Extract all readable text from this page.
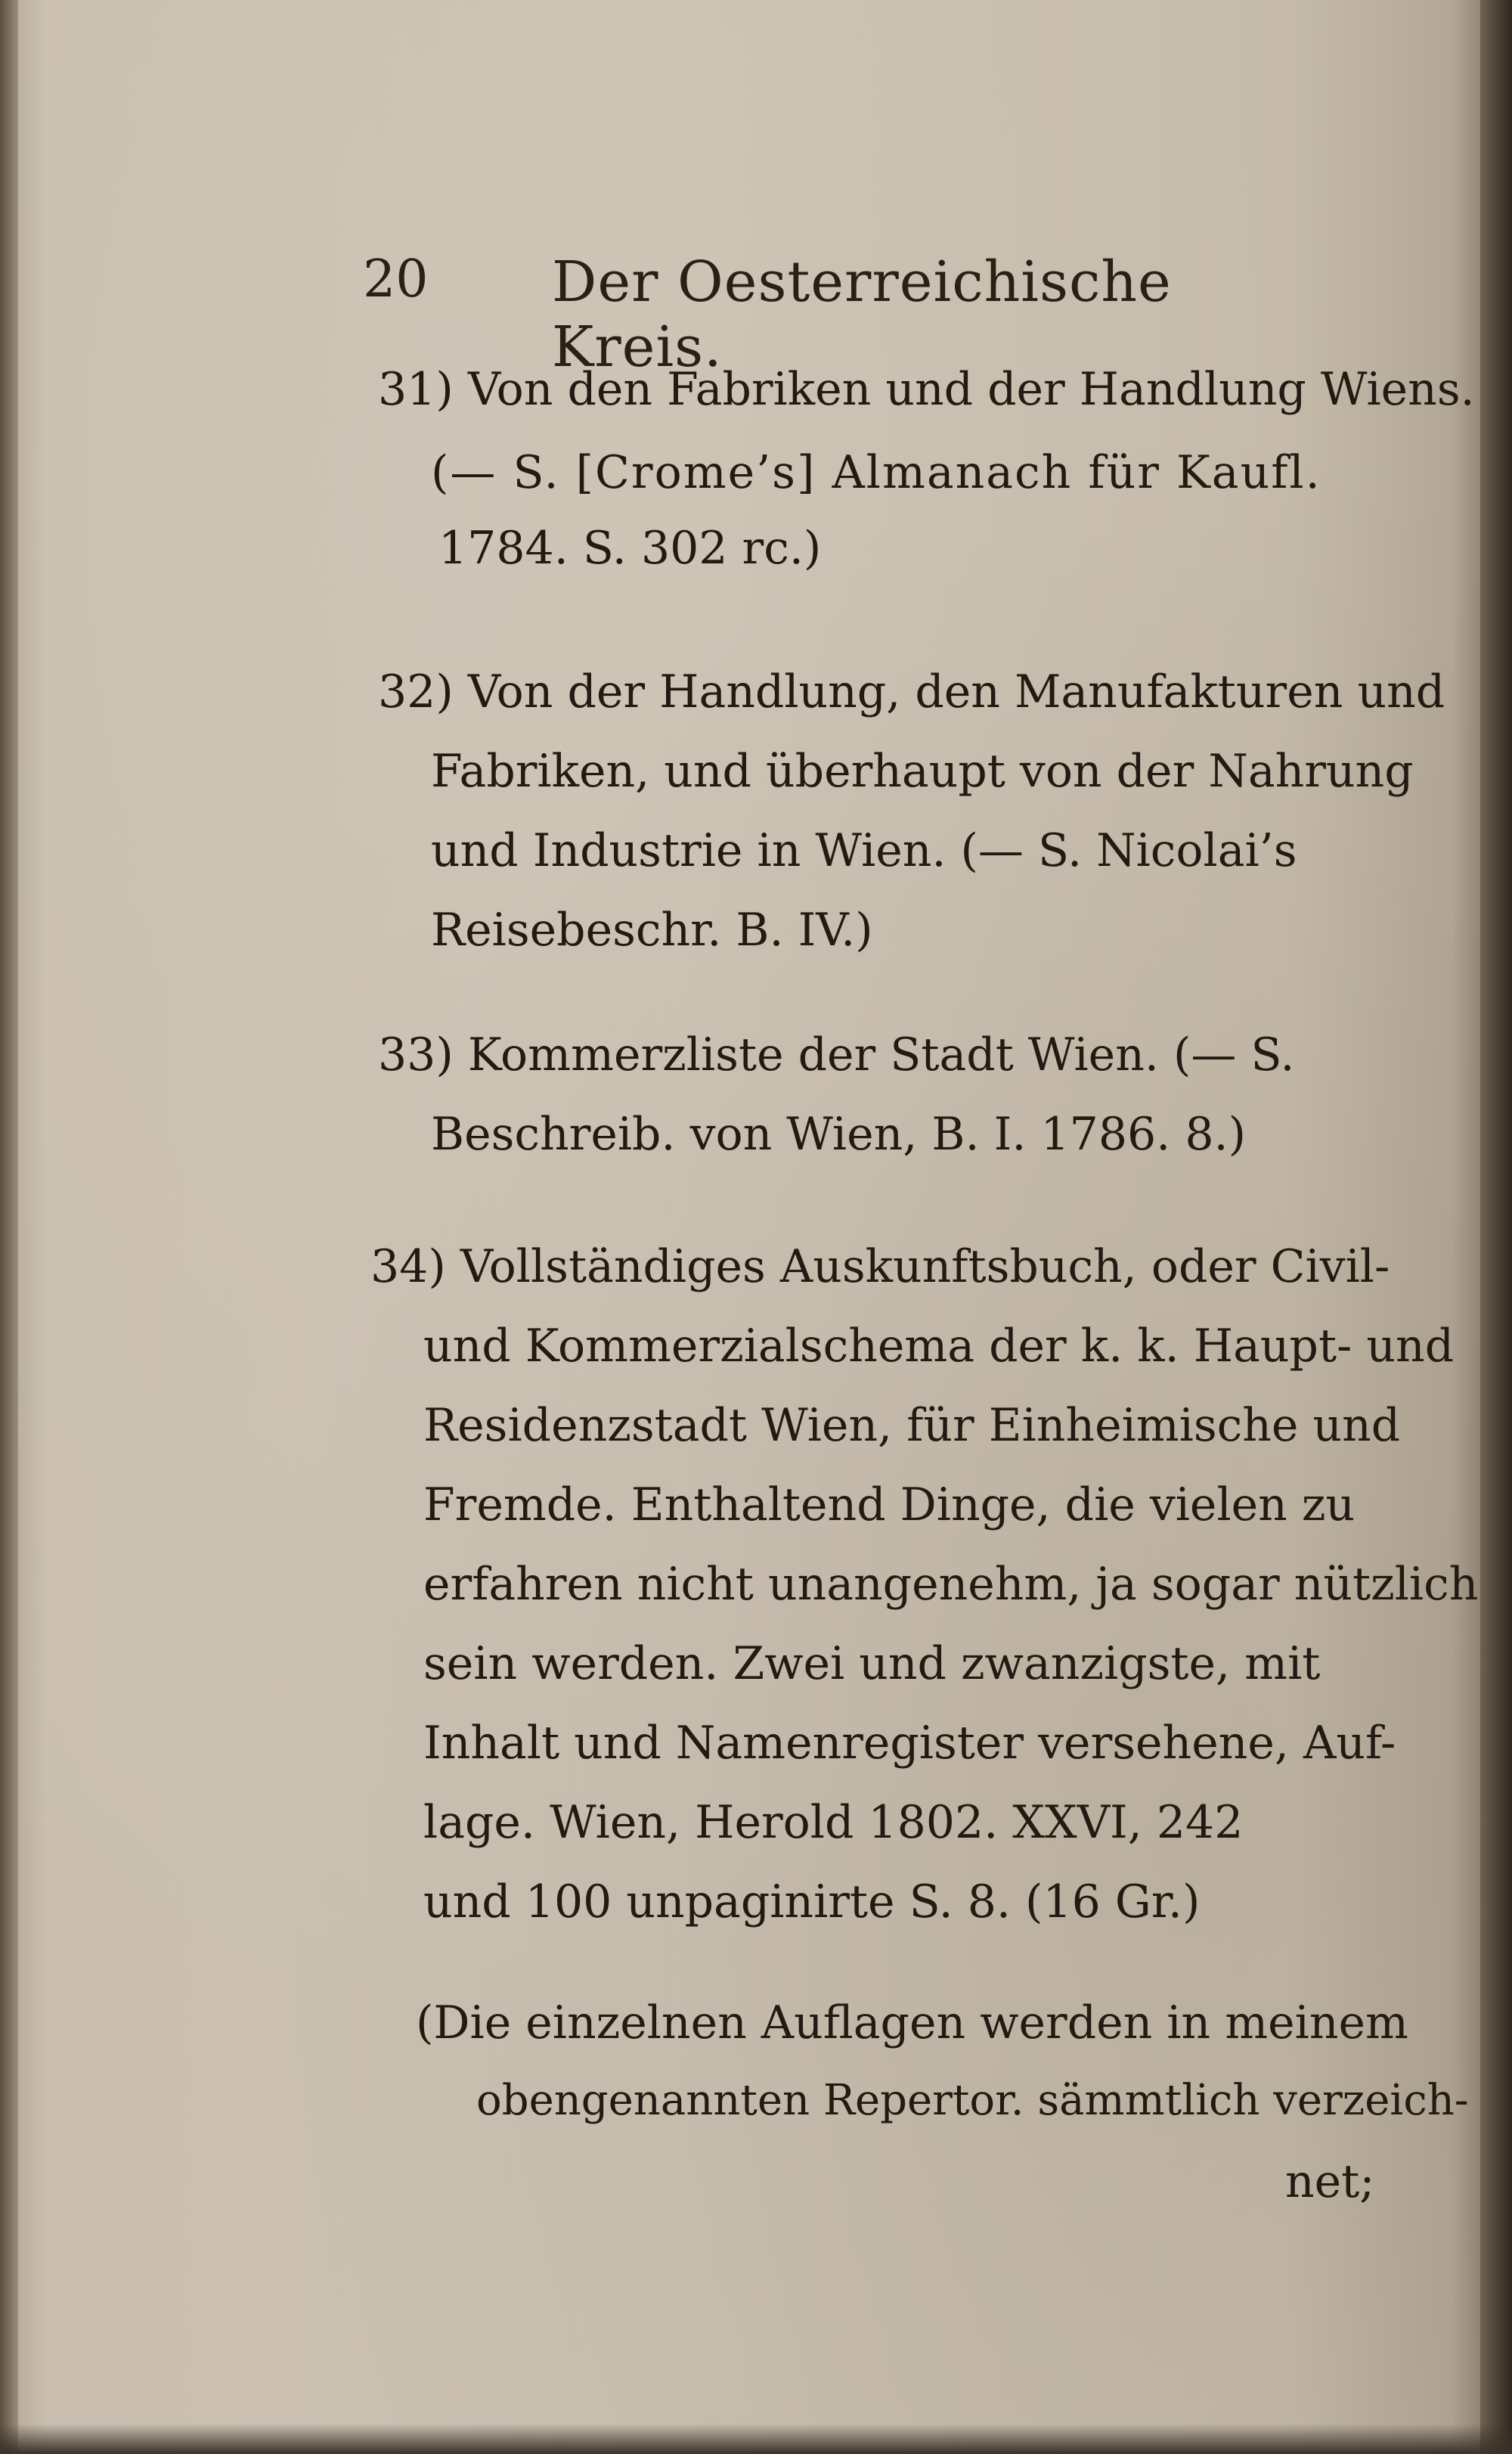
20 Der Oesterreichische Kreis.
31) Von den Fabriken und der Handlung Wiens.
(— S. [Crome’s] Almanach für Kaufl.
1784. S. 302 rc.)
32) Von der Handlung, den Manufakturen und
Fabriken, und überhaupt von der Nahrung
und Industrie in Wien. (— S. Nicolai’s
Reisebeschr. B. IV.)
33) Kommerzliste der Stadt Wien. (— S.
Beschreib. von Wien, B. I. 1786. 8.)
34) Vollständiges Auskunftsbuch, oder Civil-
und Kommerzialschema der k. k. Haupt- und
Residenzstadt Wien, für Einheimische und
Fremde. Enthaltend Dinge, die vielen zu
erfahren nicht unangenehm, ja sogar nützlich
sein werden. Zwei und zwanzigste, mit
Inhalt und Namenregister versehene, Auf-
lage. Wien, Herold 1802. XXVI, 242
und 100 unpaginirte S. 8. (16 Gr.)
(Die einzelnen Auflagen werden in meinem
obengenannten Repertor. sämmtlich verzeich-
net;
